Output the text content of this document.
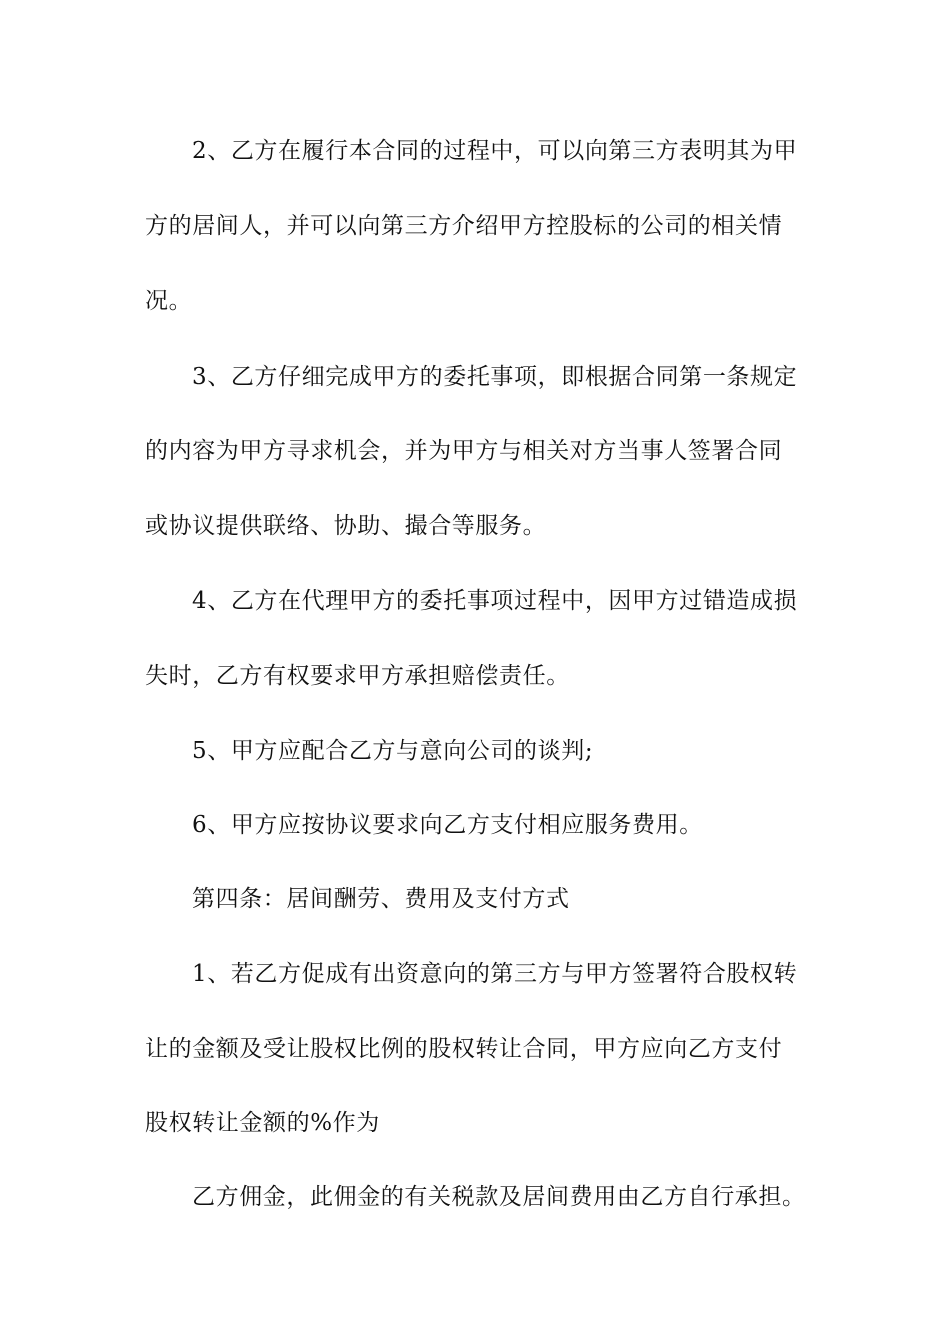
2、乙方在履行本合同的过程中，可以向第三方表明其为甲
方的居间人，并可以向第三方介绍甲方控股标的公司的相关情
况。
3、乙方仔细完成甲方的委托事项，即根据合同第一条规定
的内容为甲方寻求机会，并为甲方与相关对方当事人签署合同
或协议提供联络、协助、撮合等服务。
4、乙方在代理甲方的委托事项过程中，因甲方过错造成损
失时，乙方有权要求甲方承担赔偿责任。
5、甲方应配合乙方与意向公司的谈判;
6、甲方应按协议要求向乙方支付相应服务费用。
第四条：居间酬劳、费用及支付方式
1、若乙方促成有出资意向的第三方与甲方签署符合股权转
让的金额及受让股权比例的股权转让合同，甲方应向乙方支付
股权转让金额的%作为
乙方佣金，此佣金的有关税款及居间费用由乙方自行承担。
